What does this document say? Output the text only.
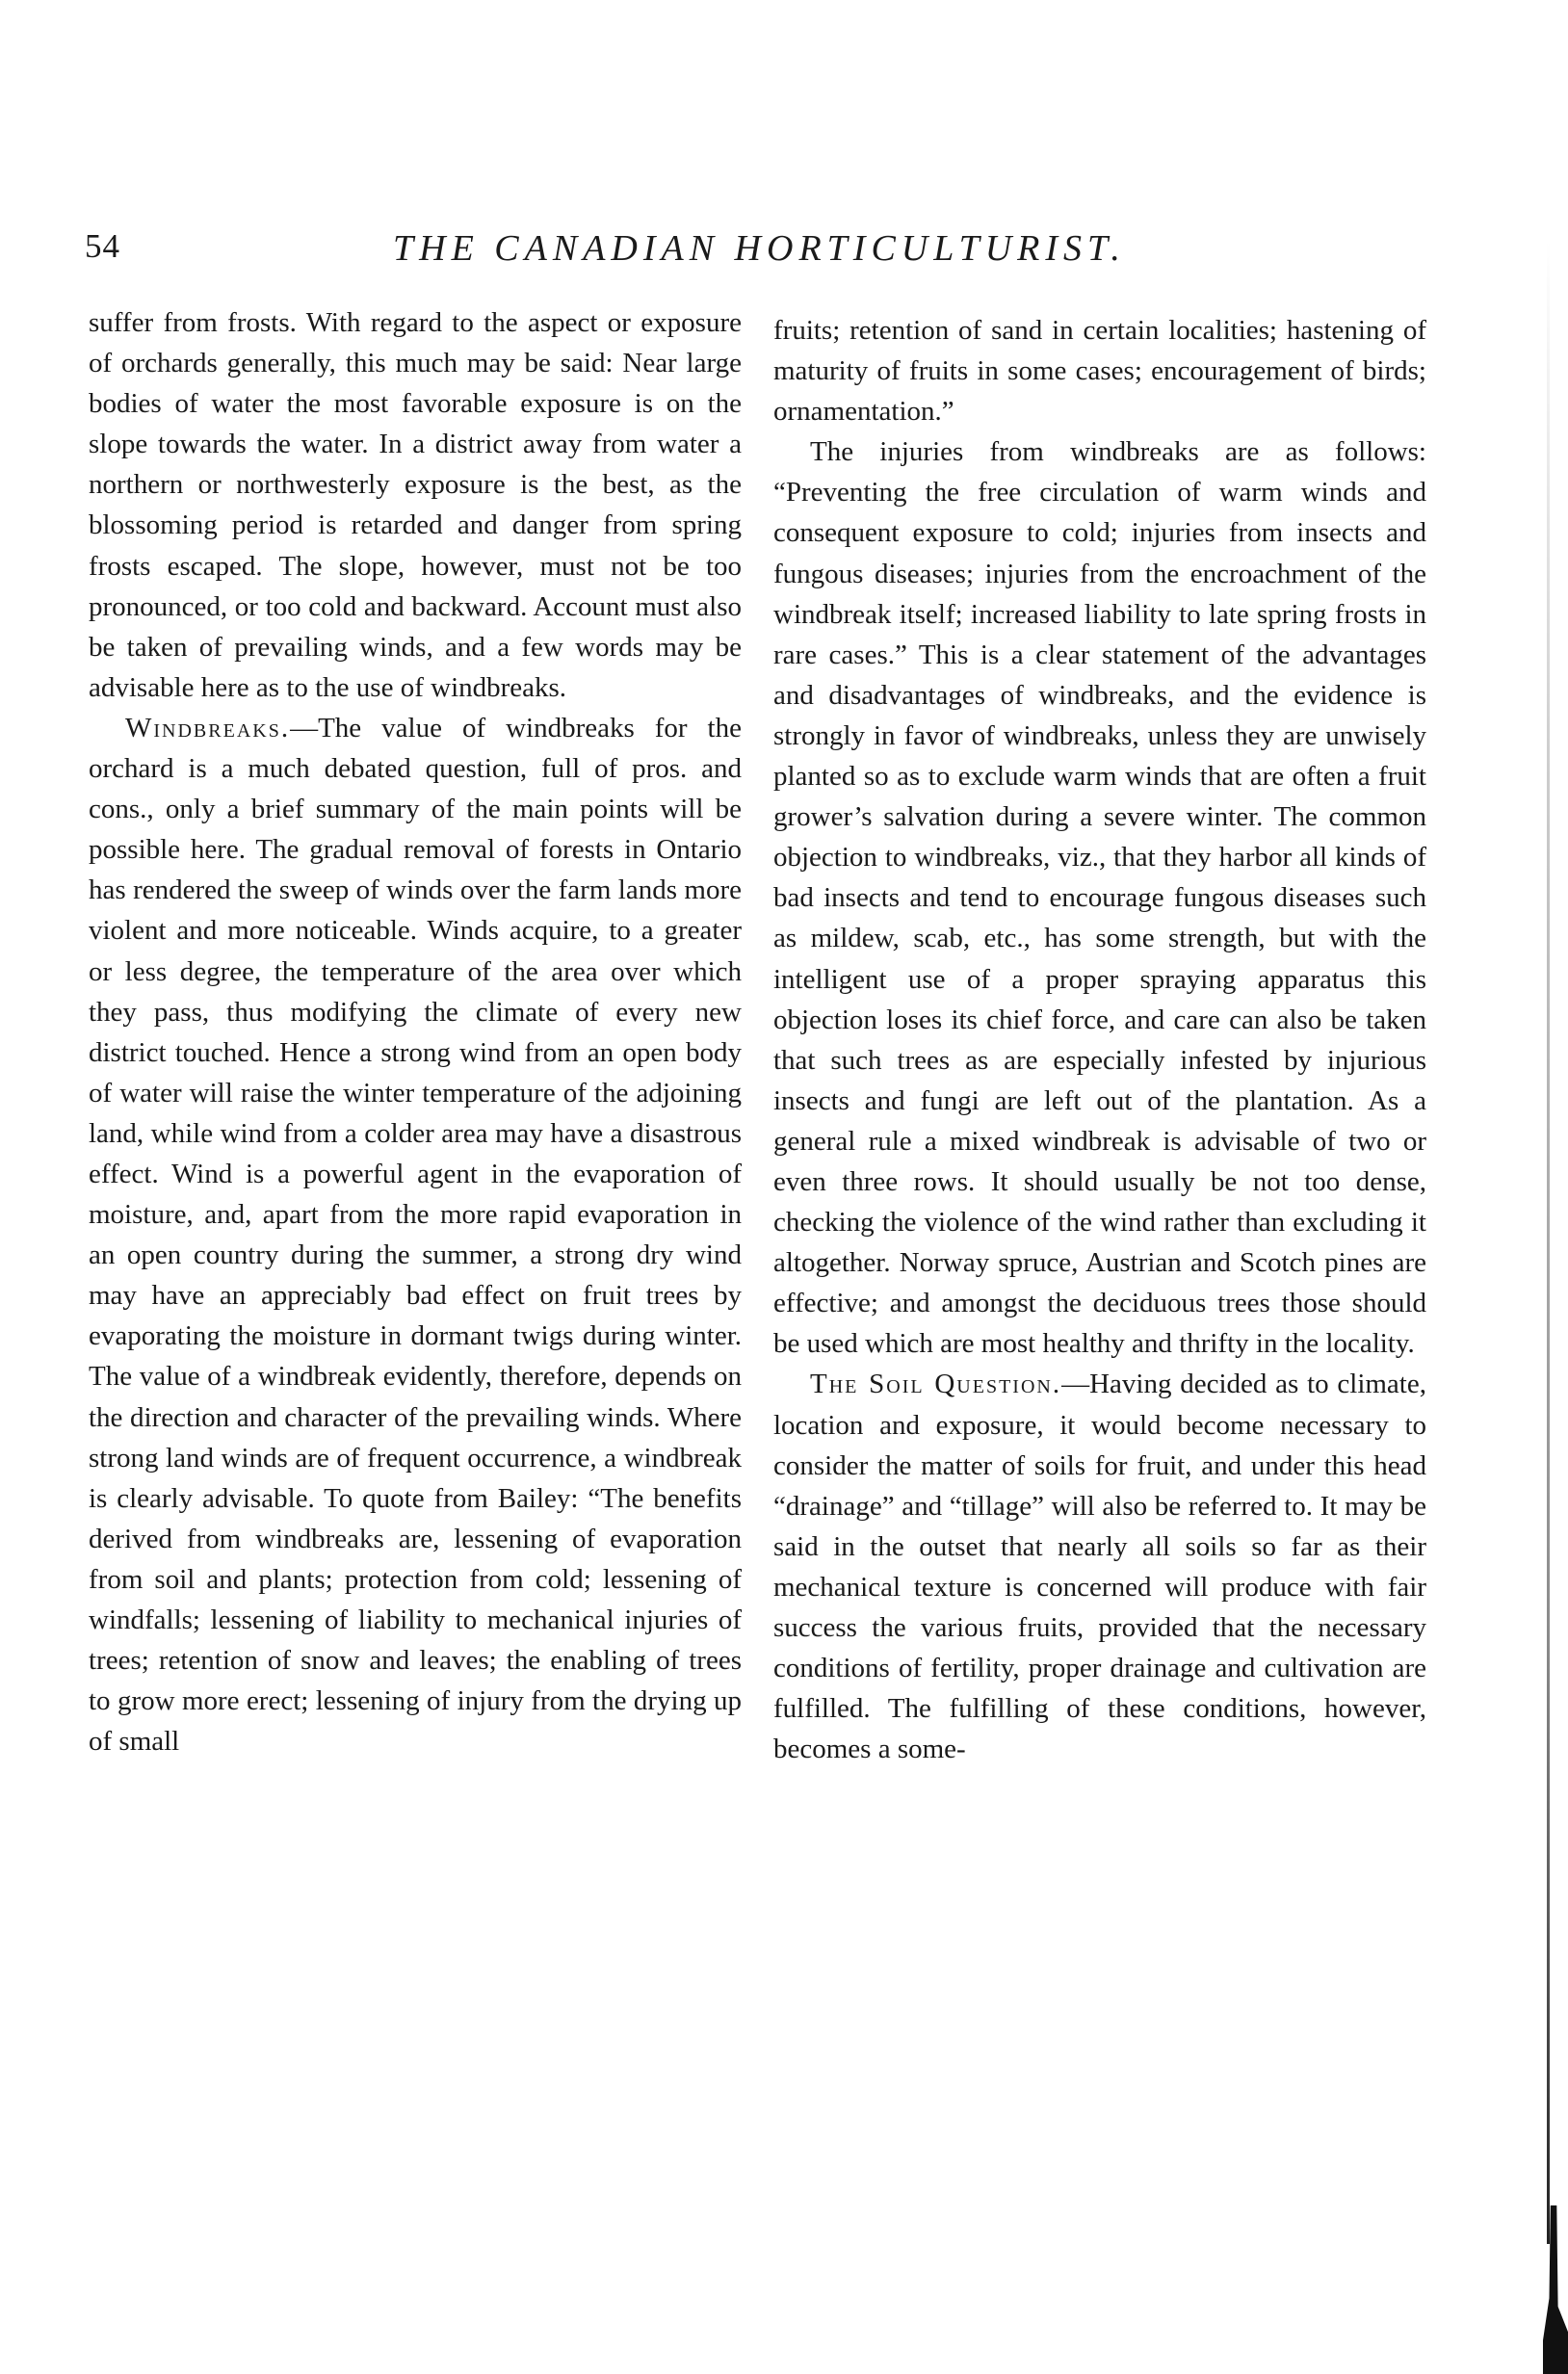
54	THE CANADIAN HORTICULTURIST.

suffer from frosts. With regard to the aspect or exposure of orchards generally, this much may be said: Near large bodies of water the most favorable exposure is on the slope towards the water. In a district away from water a northern or northwesterly exposure is the best, as the blossoming period is retarded and danger from spring frosts escaped. The slope, however, must not be too pronounced, or too cold and backward. Account must also be taken of prevailing winds, and a few words may be advisable here as to the use of windbreaks.

Windbreaks.—The value of windbreaks for the orchard is a much debated question, full of pros. and cons., only a brief summary of the main points will be possible here. The gradual removal of forests in Ontario has rendered the sweep of winds over the farm lands more violent and more noticeable. Winds acquire, to a greater or less degree, the temperature of the area over which they pass, thus modifying the climate of every new district touched. Hence a strong wind from an open body of water will raise the winter temperature of the adjoining land, while wind from a colder area may have a disastrous effect. Wind is a powerful agent in the evaporation of moisture, and, apart from the more rapid evaporation in an open country during the summer, a strong dry wind may have an appreciably bad effect on fruit trees by evaporating the moisture in dormant twigs during winter. The value of a windbreak evidently, therefore, depends on the direction and character of the prevailing winds. Where strong land winds are of frequent occurrence, a windbreak is clearly advisable. To quote from Bailey: “The benefits derived from windbreaks are, lessening of evaporation from soil and plants; protection from cold; lessening of windfalls; lessening of liability to mechanical injuries of trees; retention of snow and leaves; the enabling of trees to grow more erect; lessening of injury from the drying up of small

fruits; retention of sand in certain localities; hastening of maturity of fruits in some cases; encouragement of birds; ornamentation.”

The injuries from windbreaks are as follows: “Preventing the free circulation of warm winds and consequent exposure to cold; injuries from insects and fungous diseases; injuries from the encroachment of the windbreak itself; increased liability to late spring frosts in rare cases.” This is a clear statement of the advantages and disadvantages of windbreaks, and the evidence is strongly in favor of windbreaks, unless they are unwisely planted so as to exclude warm winds that are often a fruit grower’s salvation during a severe winter. The common objection to windbreaks, viz., that they harbor all kinds of bad insects and tend to encourage fungous diseases such as mildew, scab, etc., has some strength, but with the intelligent use of a proper spraying apparatus this objection loses its chief force, and care can also be taken that such trees as are especially infested by injurious insects and fungi are left out of the plantation. As a general rule a mixed windbreak is advisable of two or even three rows. It should usually be not too dense, checking the violence of the wind rather than excluding it altogether. Norway spruce, Austrian and Scotch pines are effective; and amongst the deciduous trees those should be used which are most healthy and thrifty in the locality.

The Soil Question.—Having decided as to climate, location and exposure, it would become necessary to consider the matter of soils for fruit, and under this head “drainage” and “tillage” will also be referred to. It may be said in the outset that nearly all soils so far as their mechanical texture is concerned will produce with fair success the various fruits, provided that the necessary conditions of fertility, proper drainage and cultivation are fulfilled. The fulfilling of these conditions, however, becomes a some-
